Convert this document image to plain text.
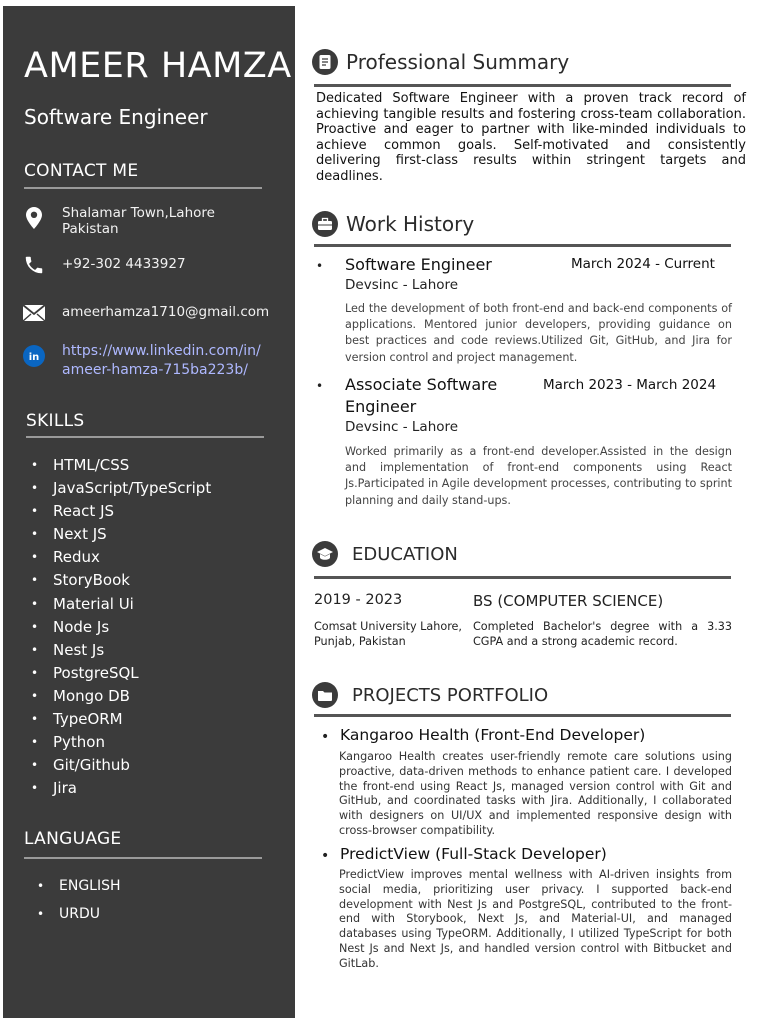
AMEER HAMZA
Software Engineer
CONTACT ME
Shalamar Town,Lahore
Pakistan
+92-302 4433927
ameerhamza1710@gmail.com
in https://www.linkedin.com/in/
ameer-hamza-715ba223b/
SKILLS
• HTML/CSS
• JavaScript/TypeScript
• React JS
• Next JS
• Redux
• StoryBook
• Material Ui
• Node Js
• Nest Js
• PostgreSQL
• Mongo DB
• TypeORM
• Python
• Git/Github
• Jira
LANGUAGE
• ENGLISH
• URDU
Professional Summary

Dedicated Software Engineer with a proven track record of achieving tangible results and fostering cross-team collaboration. Proactive and eager to partner with like-minded individuals to achieve common goals. Self-motivated and consistently delivering first-class results within stringent targets and deadlines.

Work History
• Software Engineer	March 2024 - Current
Devsinc - Lahore

Led the development of both front-end and back-end components of applications. Mentored junior developers, providing guidance on best practices and code reviews.Utilized Git, GitHub, and Jira for version control and project management.

• Associate Software Engineer
March 2023 - March 2024
Devsinc - Lahore

Worked primarily as a front-end developer.Assisted in the design and implementation of front-end components using React Js.Participated in Agile development processes, contributing to sprint planning and daily stand-ups.

EDUCATION
2019 - 2023	BS (COMPUTER SCIENCE)
Comsat University Lahore, Punjab, Pakistan
Completed Bachelor's degree with a 3.33 CGPA and a strong academic record.
PROJECTS PORTFOLIO
• Kangaroo Health (Front-End Developer)

Kangaroo Health creates user-friendly remote care solutions using proactive, data-driven methods to enhance patient care. I developed the front-end using React Js, managed version control with Git and GitHub, and coordinated tasks with Jira. Additionally, I collaborated with designers on UI/UX and implemented responsive design with cross-browser compatibility.

• PredictView (Full-Stack Developer)

PredictView improves mental wellness with AI-driven insights from social media, prioritizing user privacy. I supported back-end development with Nest Js and PostgreSQL, contributed to the front-end with Storybook, Next Js, and Material-UI, and managed databases using TypeORM. Additionally, I utilized TypeScript for both Nest Js and Next Js, and handled version control with Bitbucket and GitLab.
